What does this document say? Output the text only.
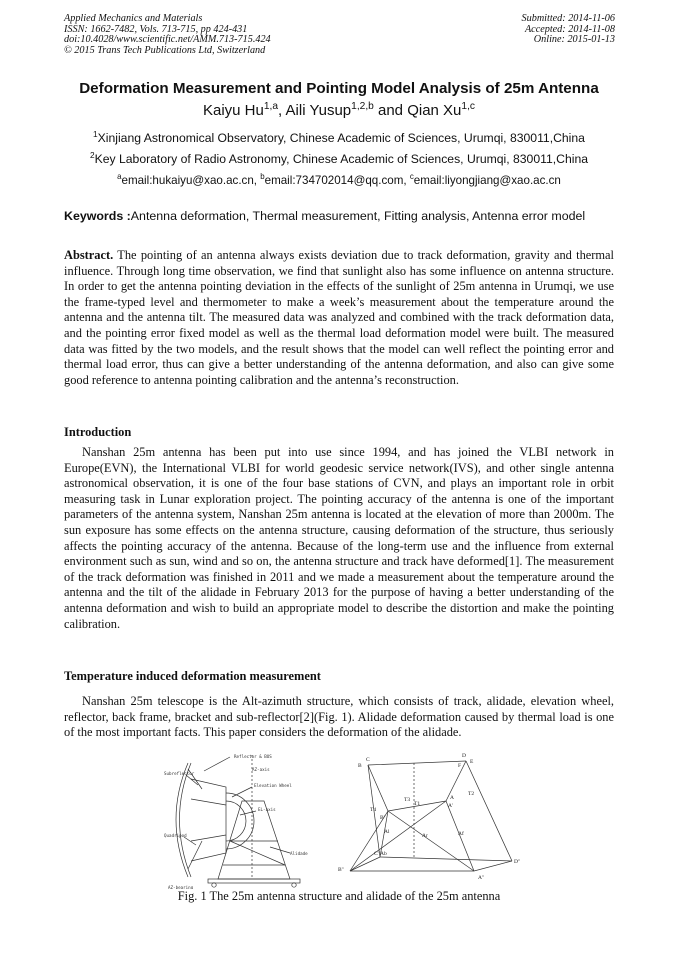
Applied Mechanics and Materials
ISSN: 1662-7482, Vols. 713-715, pp 424-431
doi:10.4028/www.scientific.net/AMM.713-715.424
© 2015 Trans Tech Publications Ltd, Switzerland
Submitted: 2014-11-06
Accepted: 2014-11-08
Online: 2015-01-13
Deformation Measurement and Pointing Model Analysis of 25m Antenna
Kaiyu Hu$^{1,a}$, Aili Yusup$^{1,2,b}$ and Qian Xu$^{1,c}$
$^1$Xinjiang Astronomical Observatory, Chinese Academic of Sciences, Urumqi, 830011,China
$^2$Key Laboratory of Radio Astronomy, Chinese Academic of Sciences, Urumqi, 830011,China
$^a$email:hukaiyu@xao.ac.cn, $^b$email:734702014@qq.com, $^c$email:liyongjiang@xao.ac.cn
Keywords :Antenna deformation, Thermal measurement, Fitting analysis, Antenna error model
Abstract. The pointing of an antenna always exists deviation due to track deformation, gravity and thermal influence. Through long time observation, we find that sunlight also has some influence on antenna structure. In order to get the antenna pointing deviation in the effects of the sunlight of 25m antenna in Urumqi, we use the frame-typed level and thermometer to make a week’s measurement about the temperature around the antenna and the antenna tilt. The measured data was analyzed and combined with the track deformation data, and the pointing error fixed model as well as the thermal load deformation model were built. The measured data was fitted by the two models, and the result shows that the model can well reflect the pointing error and thermal load error, thus can give a better understanding of the antenna deformation, and also can give some good reference to antenna pointing calibration and the antenna’s reconstruction.
Introduction
Nanshan 25m antenna has been put into use since 1994, and has joined the VLBI network in Europe(EVN), the International VLBI for world geodesic service network(IVS), and other single antenna astronomical observation, it is one of the four base stations of CVN, and plays an important role in orbit measuring task in Lunar exploration project. The pointing accuracy of the antenna is one of the important parameters of the antenna system, Nanshan 25m antenna is located at the elevation of more than 2000m. The sun exposure has some effects on the antenna structure, causing deformation of the structure, thus seriously affects the pointing accuracy of the antenna. Because of the long-term use and the influence from external environment such as sun, wind and so on, the antenna structure and track have deformed[1]. The measurement of the track deformation was finished in 2011 and we made a measurement about the temperature around the antenna and the tilt of the alidade in February 2013 for the purpose of having a better understanding of the antenna deformation and wish to build an appropriate model to describe the distortion and make the pointing calibration.
Temperature induced deformation measurement
Nanshan 25m telescope is the Alt-azimuth structure, which consists of track, alidade, elevation wheel, reflector, back frame, bracket and sub-reflector[2](Fig. 1). Alidade deformation caused by thermal load is one of the most important facts. This paper considers the deformation of the alidade.
Reflector & BUS
AZ-axis
Subreflector
Elevation Wheel
EL-axis
Quadripod
Alidade
AZ-bearing
B
C
D
E
F
A
T2
T4
T1
T3
B'
A'
Al
Ar	Af
Ab
B''
C''
A''
D''
Fig. 1 The 25m antenna structure and alidade of the 25m antenna
